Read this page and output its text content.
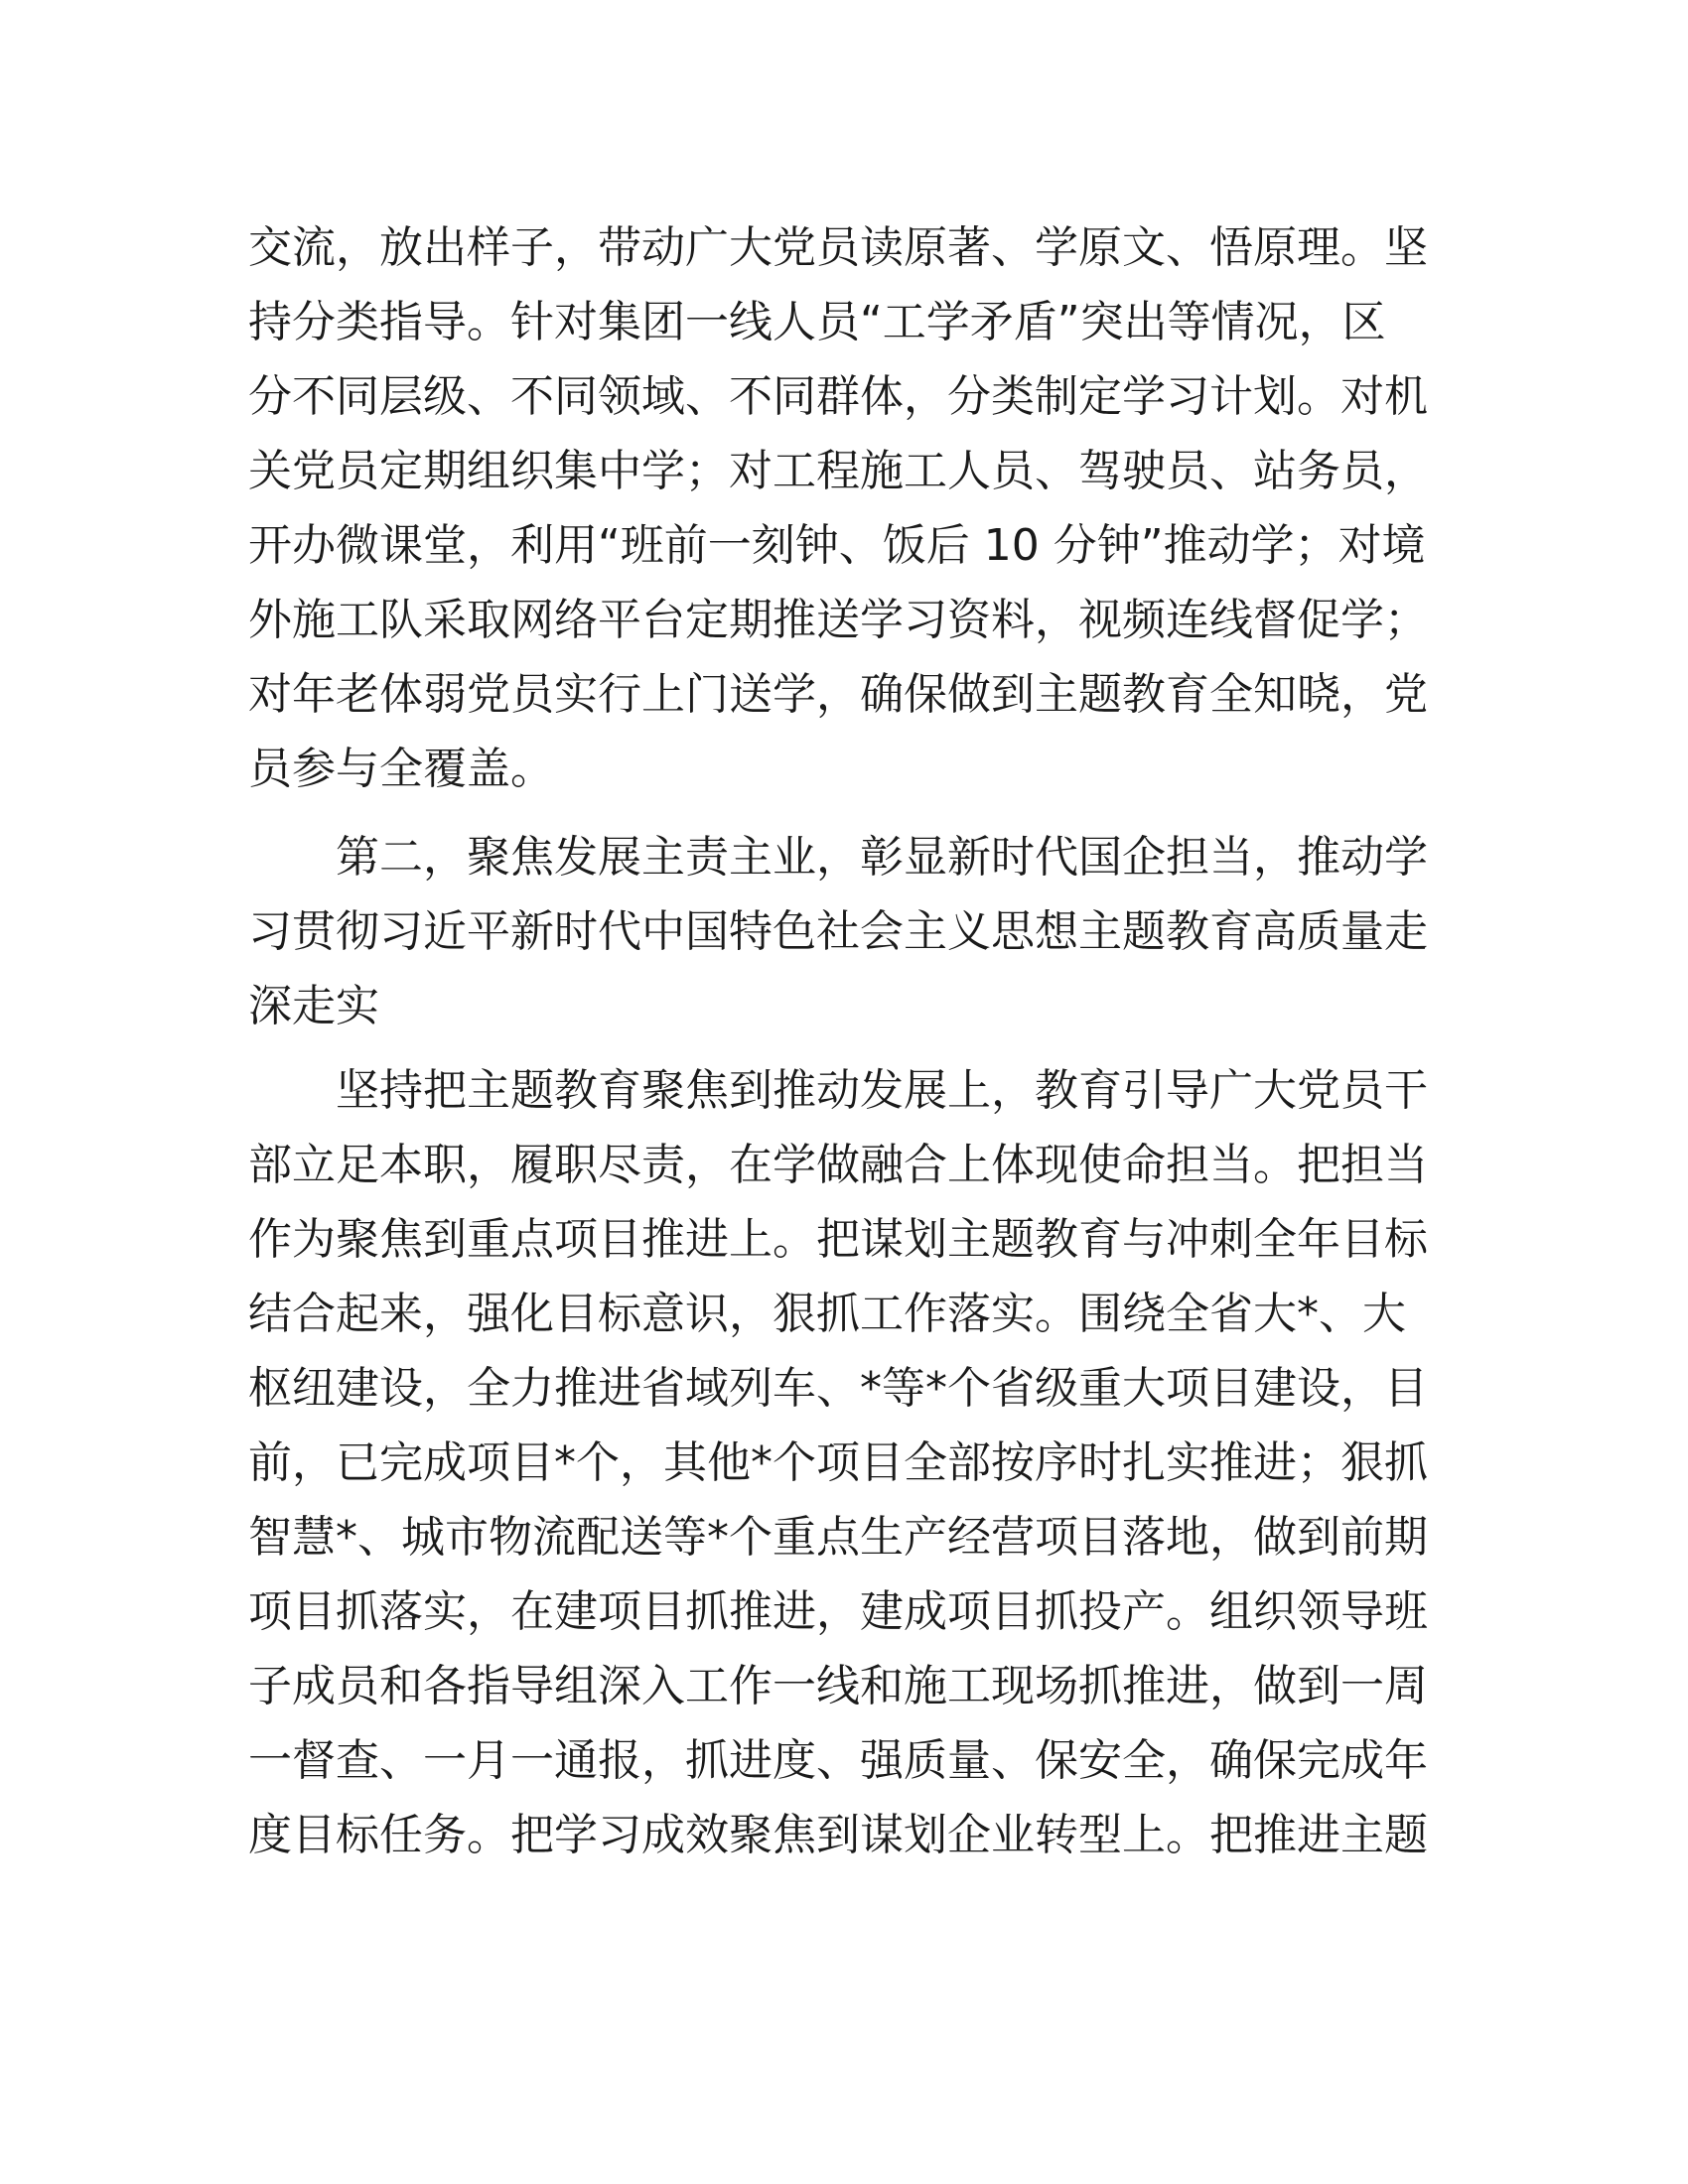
交流，放出样子，带动广大党员读原著、学原文、悟原理。坚
持分类指导。针对集团一线人员“工学矛盾”突出等情况，区
分不同层级、不同领域、不同群体，分类制定学习计划。对机
关党员定期组织集中学；对工程施工人员、驾驶员、站务员，
开办微课堂，利用“班前一刻钟、饭后 10 分钟”推动学；对境
外施工队采取网络平台定期推送学习资料，视频连线督促学；
对年老体弱党员实行上门送学，确保做到主题教育全知晓，党
员参与全覆盖。

　　第二，聚焦发展主责主业，彰显新时代国企担当，推动学
习贯彻习近平新时代中国特色社会主义思想主题教育高质量走
深走实

　　坚持把主题教育聚焦到推动发展上，教育引导广大党员干
部立足本职，履职尽责，在学做融合上体现使命担当。把担当
作为聚焦到重点项目推进上。把谋划主题教育与冲刺全年目标
结合起来，强化目标意识，狠抓工作落实。围绕全省大*、大
枢纽建设，全力推进省域列车、*等*个省级重大项目建设，目
前，已完成项目*个，其他*个项目全部按序时扎实推进；狠抓
智慧*、城市物流配送等*个重点生产经营项目落地，做到前期
项目抓落实，在建项目抓推进，建成项目抓投产。组织领导班
子成员和各指导组深入工作一线和施工现场抓推进，做到一周
一督查、一月一通报，抓进度、强质量、保安全，确保完成年
度目标任务。把学习成效聚焦到谋划企业转型上。把推进主题
